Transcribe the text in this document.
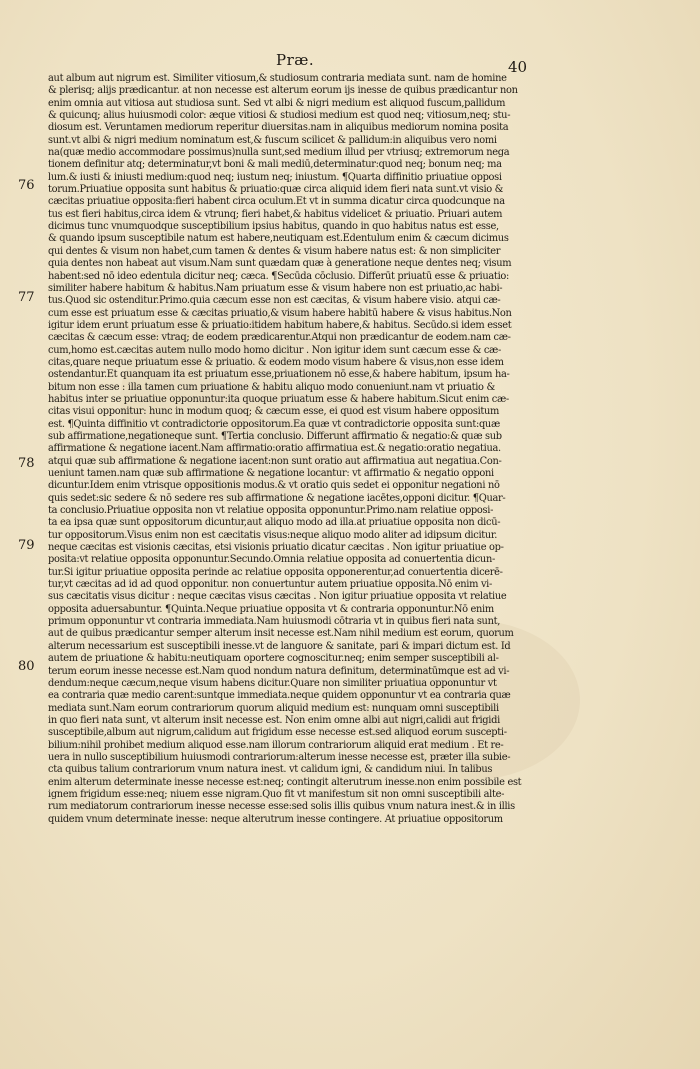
Præ.	40
76
77
78
79
80
aut album aut nigrum est. Similiter vitiosum,& studiosum contraria mediata sunt. nam de homine
& plerisq; alijs prædicantur. at non necesse est alterum eorum ijs inesse de quibus prædicantur non
enim omnia aut vitiosa aut studiosa sunt. Sed vt albi & nigri medium est aliquod fuscum,pallidum
& quicunq; alius huiusmodi color: æque vitiosi & studiosi medium est quod neq; vitiosum,neq; stu-
diosum est. Veruntamen mediorum reperitur diuersitas.nam in aliquibus mediorum nomina posita
sunt.vt albi & nigri medium nominatum est,& fuscum scilicet & pallidum:in aliquibus vero nomi
na(quæ medio accommodare possimus)nulla sunt,sed medium illud per vtriusq; extremorum nega
tionem definitur atq; determinatur,vt boni & mali mediū,determinatur:quod neq; bonum neq; ma
lum.& iusti & iniusti medium:quod neq; iustum neq; iniustum. ¶Quarta diffinitio priuatiue opposi
torum.Priuatiue opposita sunt habitus & priuatio:quæ circa aliquid idem fieri nata sunt.vt visio &
cæcitas priuatiue opposita:fieri habent circa oculum.Et vt in summa dicatur circa quodcunque na
tus est fieri habitus,circa idem & vtrunq; fieri habet,& habitus videlicet & priuatio. Priuari autem
dicimus tunc vnumquodque susceptibilium ipsius habitus, quando in quo habitus natus est esse,
& quando ipsum susceptibile natum est habere,neutiquam est.Edentulum enim & cæcum dicimus
qui dentes & visum non habet,cum tamen & dentes & visum habere natus est: & non simpliciter
quia dentes non habeat aut visum.Nam sunt quædam quæ à generatione neque dentes neq; visum
habent:sed nō ideo edentula dicitur neq; cæca. ¶Secūda cōclusio. Differūt priuatū esse & priuatio:
similiter habere habitum & habitus.Nam priuatum esse & visum habere non est priuatio,ac habi-
tus.Quod sic ostenditur.Primo.quia cæcum esse non est cæcitas, & visum habere visio. atqui cæ-
cum esse est priuatum esse & cæcitas priuatio,& visum habere habitū habere & visus habitus.Non
igitur idem erunt priuatum esse & priuatio:itidem habitum habere,& habitus. Secūdo.si idem esset
cæcitas & cæcum esse: vtraq; de eodem prædicarentur.Atqui non prædicantur de eodem.nam cæ-
cum,homo est.cæcitas autem nullo modo homo dicitur . Non igitur idem sunt cæcum esse & cæ-
citas,quare neque priuatum esse & priuatio. & eodem modo visum habere & visus,non esse idem
ostendantur.Et quanquam ita est priuatum esse,priuationem nō esse,& habere habitum, ipsum ha-
bitum non esse : illa tamen cum priuatione & habitu aliquo modo conueniunt.nam vt priuatio &
habitus inter se priuatiue opponuntur:ita quoque priuatum esse & habere habitum.Sicut enim cæ-
citas visui opponitur: hunc in modum quoq; & cæcum esse, ei quod est visum habere oppositum
est. ¶Quinta diffinitio vt contradictorie oppositorum.Ea quæ vt contradictorie opposita sunt:quæ
sub affirmatione,negationeque sunt. ¶Tertia conclusio. Differunt affirmatio & negatio:& quæ sub
affirmatione & negatione iacent.Nam affirmatio:oratio affirmatiua est.& negatio:oratio negatiua.
atqui quæ sub affirmatione & negatione iacent:non sunt oratio aut affirmatiua aut negatiua.Con-
ueniunt tamen.nam quæ sub affirmatione & negatione locantur: vt affirmatio & negatio opponi
dicuntur.Idem enim vtrisque oppositionis modus.& vt oratio quis sedet ei opponitur negationi nō
quis sedet:sic sedere & nō sedere res sub affirmatione & negatione iacētes,opponi dicitur. ¶Quar-
ta conclusio.Priuatiue opposita non vt relatiue opposita opponuntur.Primo.nam relatiue opposi-
ta ea ipsa quæ sunt oppositorum dicuntur,aut aliquo modo ad illa.at priuatiue opposita non dicū-
tur oppositorum.Visus enim non est cæcitatis visus:neque aliquo modo aliter ad idipsum dicitur.
neque cæcitas est visionis cæcitas, etsi visionis priuatio dicatur cæcitas . Non igitur priuatiue op-
posita:vt relatiue opposita opponuntur.Secundo.Omnia relatiue opposita ad conuertentia dicun-
tur.Si igitur priuatiue opposita perinde ac relatiue opposita opponerentur,ad conuertentia dicerē-
tur,vt cæcitas ad id ad quod opponitur. non conuertuntur autem priuatiue opposita.Nō enim vi-
sus cæcitatis visus dicitur : neque cæcitas visus cæcitas . Non igitur priuatiue opposita vt relatiue
opposita aduersabuntur. ¶Quinta.Neque priuatiue opposita vt & contraria opponuntur.Nō enim
primum opponuntur vt contraria immediata.Nam huiusmodi cōtraria vt in quibus fieri nata sunt,
aut de quibus prædicantur semper alterum insit necesse est.Nam nihil medium est eorum, quorum
alterum necessarium est susceptibili inesse.vt de languore & sanitate, pari & impari dictum est. Id
autem de priuatione & habitu:neutiquam oportere cognoscitur.neq; enim semper susceptibili al-
terum eorum inesse necesse est.Nam quod nondum natura definitum, determinatūmque est ad vi-
dendum:neque cæcum,neque visum habens dicitur.Quare non similiter priuatiua opponuntur vt
ea contraria quæ medio carent:suntque immediata.neque quidem opponuntur vt ea contraria quæ
mediata sunt.Nam eorum contrariorum quorum aliquid medium est: nunquam omni susceptibili
in quo fieri nata sunt, vt alterum insit necesse est. Non enim omne albi aut nigri,calidi aut frigidi
susceptibile,album aut nigrum,calidum aut frigidum esse necesse est.sed aliquod eorum suscepti-
bilium:nihil prohibet medium aliquod esse.nam illorum contrariorum aliquid erat medium . Et re-
uera in nullo susceptibilium huiusmodi contrariorum:alterum inesse necesse est, præter illa subie-
cta quibus talium contrariorum vnum natura inest. vt calidum igni, & candidum niui. In talibus
enim alterum determinate inesse necesse est:neq; contingit alterutrum inesse.non enim possibile est
ignem frigidum esse:neq; niuem esse nigram.Quo fit vt manifestum sit non omni susceptibili alte-
rum mediatorum contrariorum inesse necesse esse:sed solis illis quibus vnum natura inest.& in illis
quidem vnum determinate inesse: neque alterutrum inesse contingere. At priuatiue oppositorum
